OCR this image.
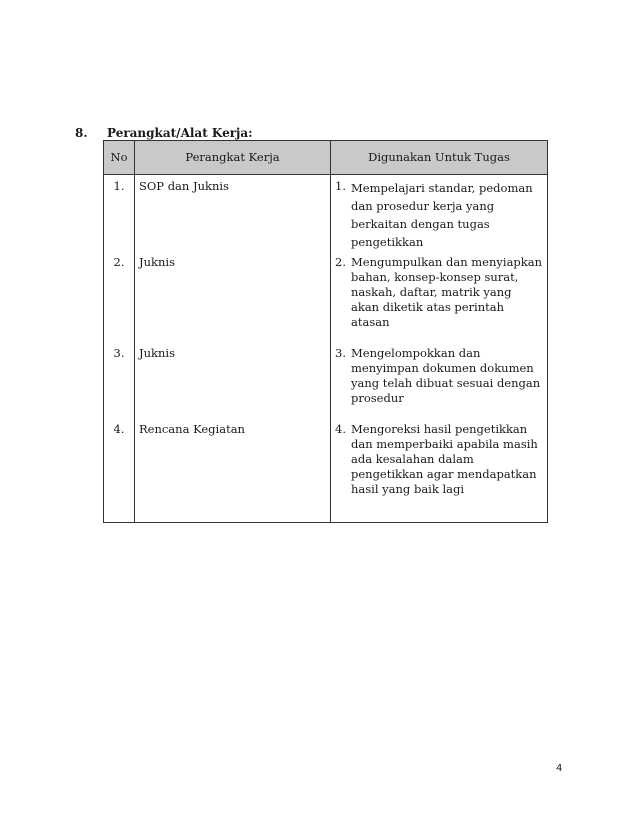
8. Perangkat/Alat Kerja:
No	Perangkat Kerja	Digunakan Untuk Tugas
1.	SOP dan Juknis	1. Mempelajari standar, pedoman dan prosedur kerja yang berkaitan dengan tugas pengetikkan

2.	Juknis	2. Mengumpulkan dan menyiapkan bahan, konsep-konsep surat, naskah, daftar, matrik yang akan diketik atas perintah atasan

3.	Juknis	3. Mengelompokkan dan menyimpan dokumen dokumen yang telah dibuat sesuai dengan prosedur

4.	Rencana Kegiatan	4. Mengoreksi hasil pengetikkan dan memperbaiki apabila masih ada kesalahan dalam pengetikkan agar mendapatkan hasil yang baik lagi
4
